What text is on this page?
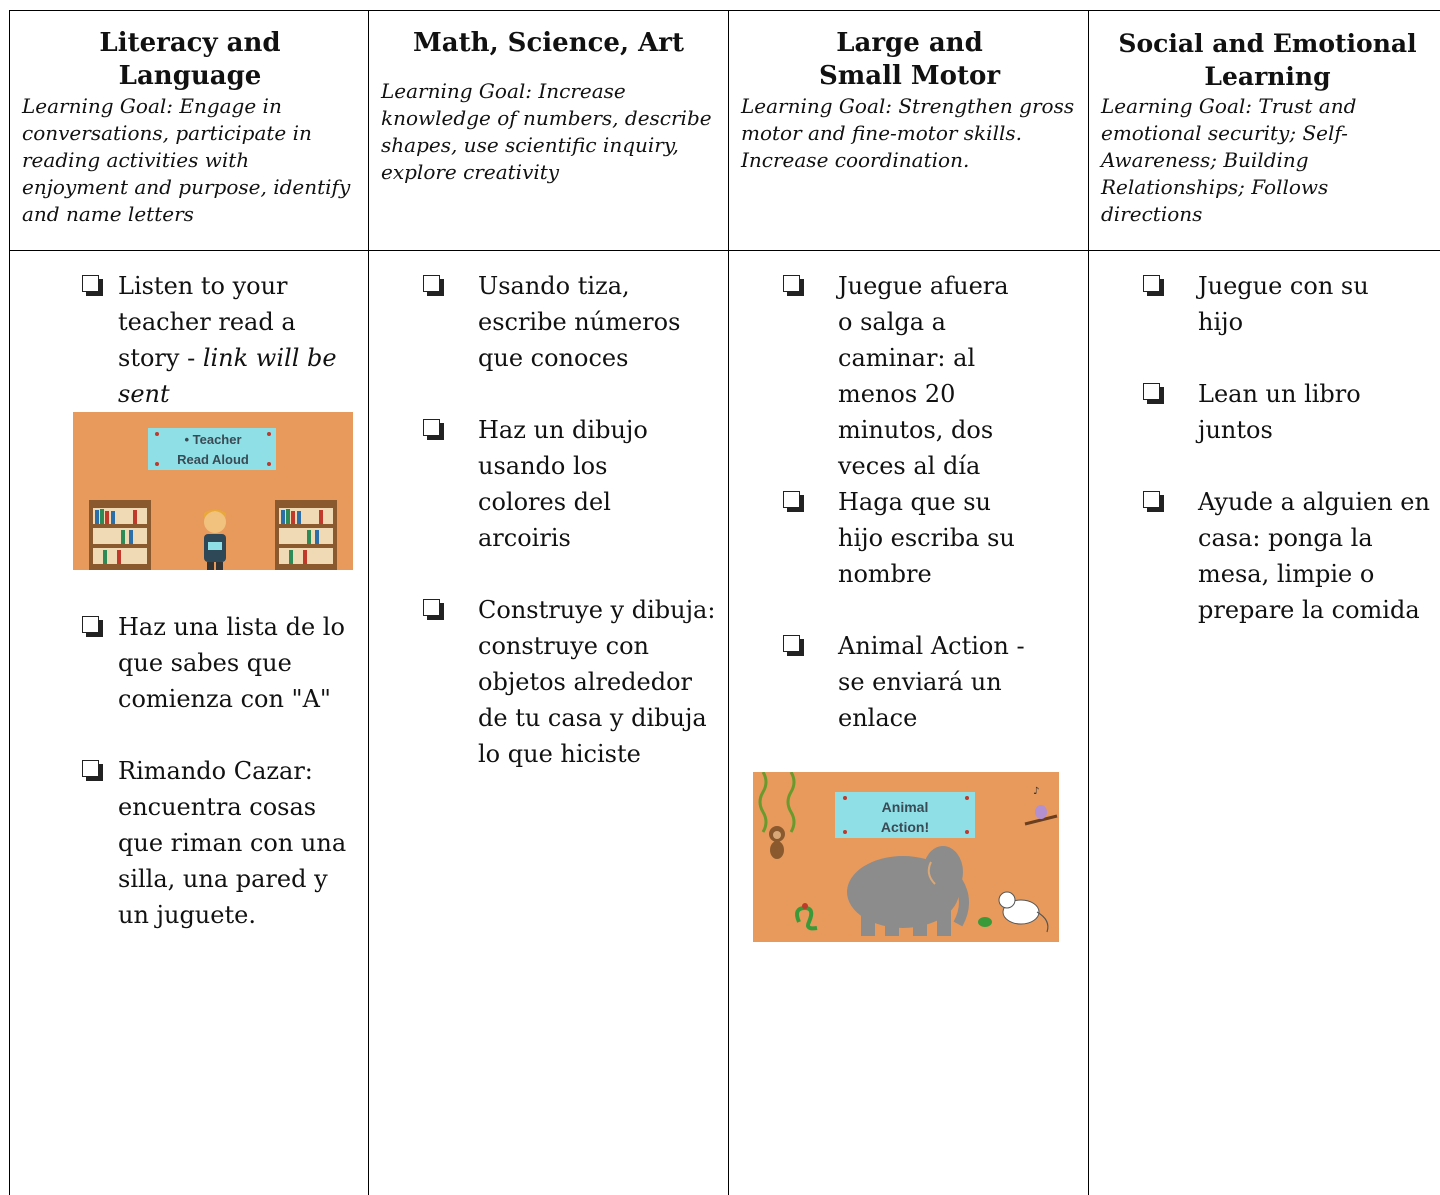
Literacy and Language

Learning Goal: Engage in conversations, participate in reading activities with enjoyment and purpose, identify and name letters

Math, Science, Art

Learning Goal: Increase knowledge of numbers, describe shapes, use scientific inquiry, explore creativity

Large and Small Motor

Learning Goal: Strengthen gross motor and fine-motor skills. Increase coordination.

Social and Emotional Learning

Learning Goal: Trust and emotional security; Self-Awareness; Building Relationships; Follows directions

Listen to your teacher read a story - link will be sent
• Teacher
Read Aloud
Haz una lista de lo que sabes que comienza con "A"
Rimando Cazar: encuentra cosas que riman con una silla, una pared y un juguete.
Usando tiza, escribe números que conoces
Haz un dibujo usando los colores del arcoiris
Construye y dibuja: construye con objetos alrededor de tu casa y dibuja lo que hiciste
Juegue afuera o salga a caminar: al menos 20 minutos, dos veces al día
Haga que su hijo escriba su nombre
Animal Action - se enviará un enlace
Animal
Action!
♪
Juegue con su hijo
Lean un libro juntos
Ayude a alguien en casa: ponga la mesa, limpie o prepare la comida
